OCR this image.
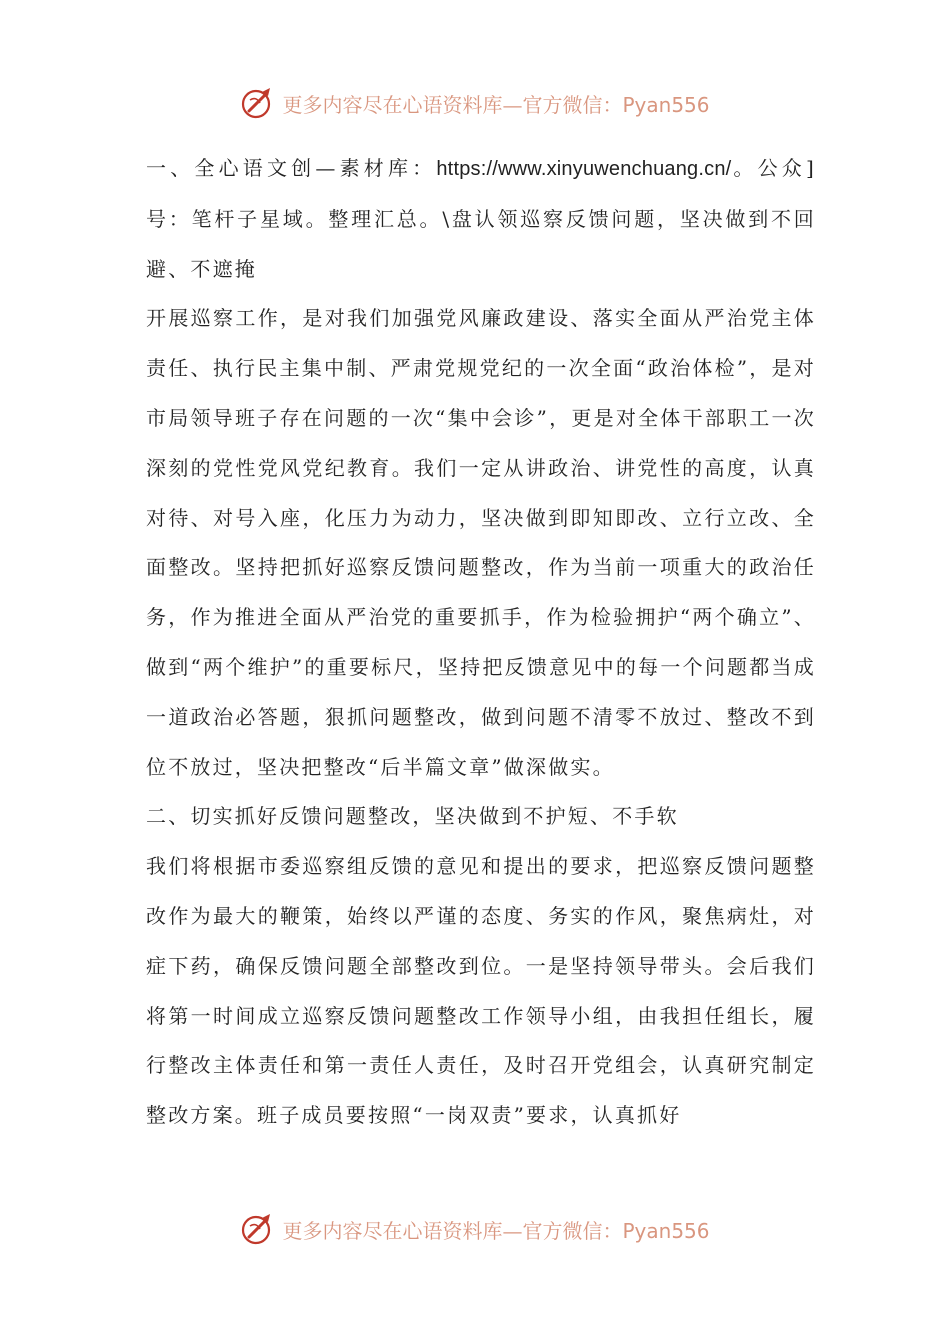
更多内容尽在心语资料库—官方微信：Pyan556

一、全心语文创—素材库：https://www.xinyuwenchuang.cn/。公众]号：笔杆子星域。整理汇总。\盘认领巡察反馈问题，坚决做到不回避、不遮掩

开展巡察工作，是对我们加强党风廉政建设、落实全面从严治党主体责任、执行民主集中制、严肃党规党纪的一次全面“政治体检”，是对市局领导班子存在问题的一次“集中会诊”，更是对全体干部职工一次深刻的党性党风党纪教育。我们一定从讲政治、讲党性的高度，认真对待、对号入座，化压力为动力，坚决做到即知即改、立行立改、全面整改。坚持把抓好巡察反馈问题整改，作为当前一项重大的政治任务，作为推进全面从严治党的重要抓手，作为检验拥护“两个确立”、做到“两个维护”的重要标尺，坚持把反馈意见中的每一个问题都当成一道政治必答题，狠抓问题整改，做到问题不清零不放过、整改不到位不放过，坚决把整改“后半篇文章”做深做实。

二、切实抓好反馈问题整改，坚决做到不护短、不手软

我们将根据市委巡察组反馈的意见和提出的要求，把巡察反馈问题整改作为最大的鞭策，始终以严谨的态度、务实的作风，聚焦病灶，对症下药，确保反馈问题全部整改到位。一是坚持领导带头。会后我们将第一时间成立巡察反馈问题整改工作领导小组，由我担任组长，履行整改主体责任和第一责任人责任，及时召开党组会，认真研究制定整改方案。班子成员要按照“一岗双责”要求，认真抓好

更多内容尽在心语资料库—官方微信：Pyan556
